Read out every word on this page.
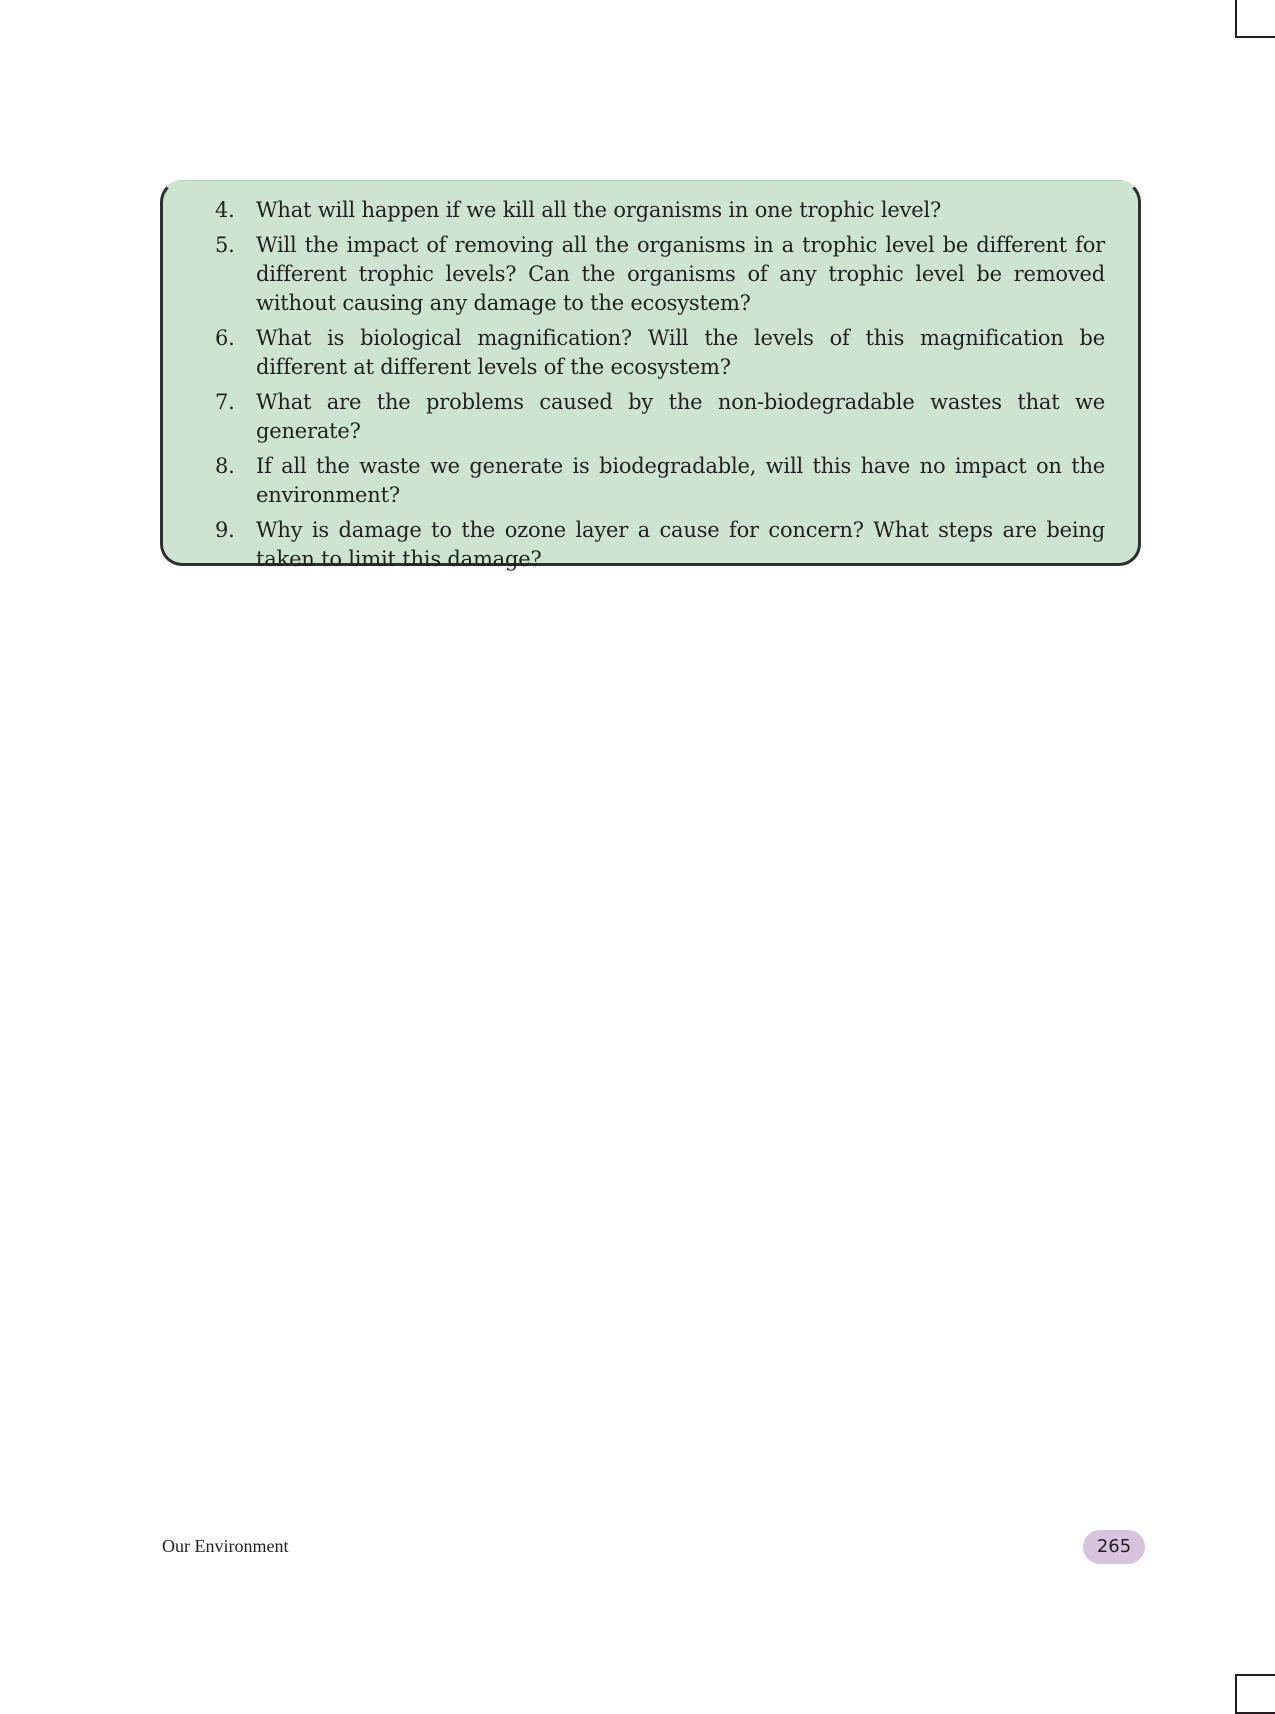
4.	What will happen if we kill all the organisms in one trophic level?
5.	Will the impact of removing all the organisms in a trophic level be different for different trophic levels? Can the organisms of any trophic level be removed without causing any damage to the ecosystem?
6.	What is biological magnification? Will the levels of this magnification be different at different levels of the ecosystem?
7.	What are the problems caused by the non-biodegradable wastes that we generate?
8.	If all the waste we generate is biodegradable, will this have no impact on the environment?
9.	Why is damage to the ozone layer a cause for concern? What steps are being taken to limit this damage?
Our Environment	265
